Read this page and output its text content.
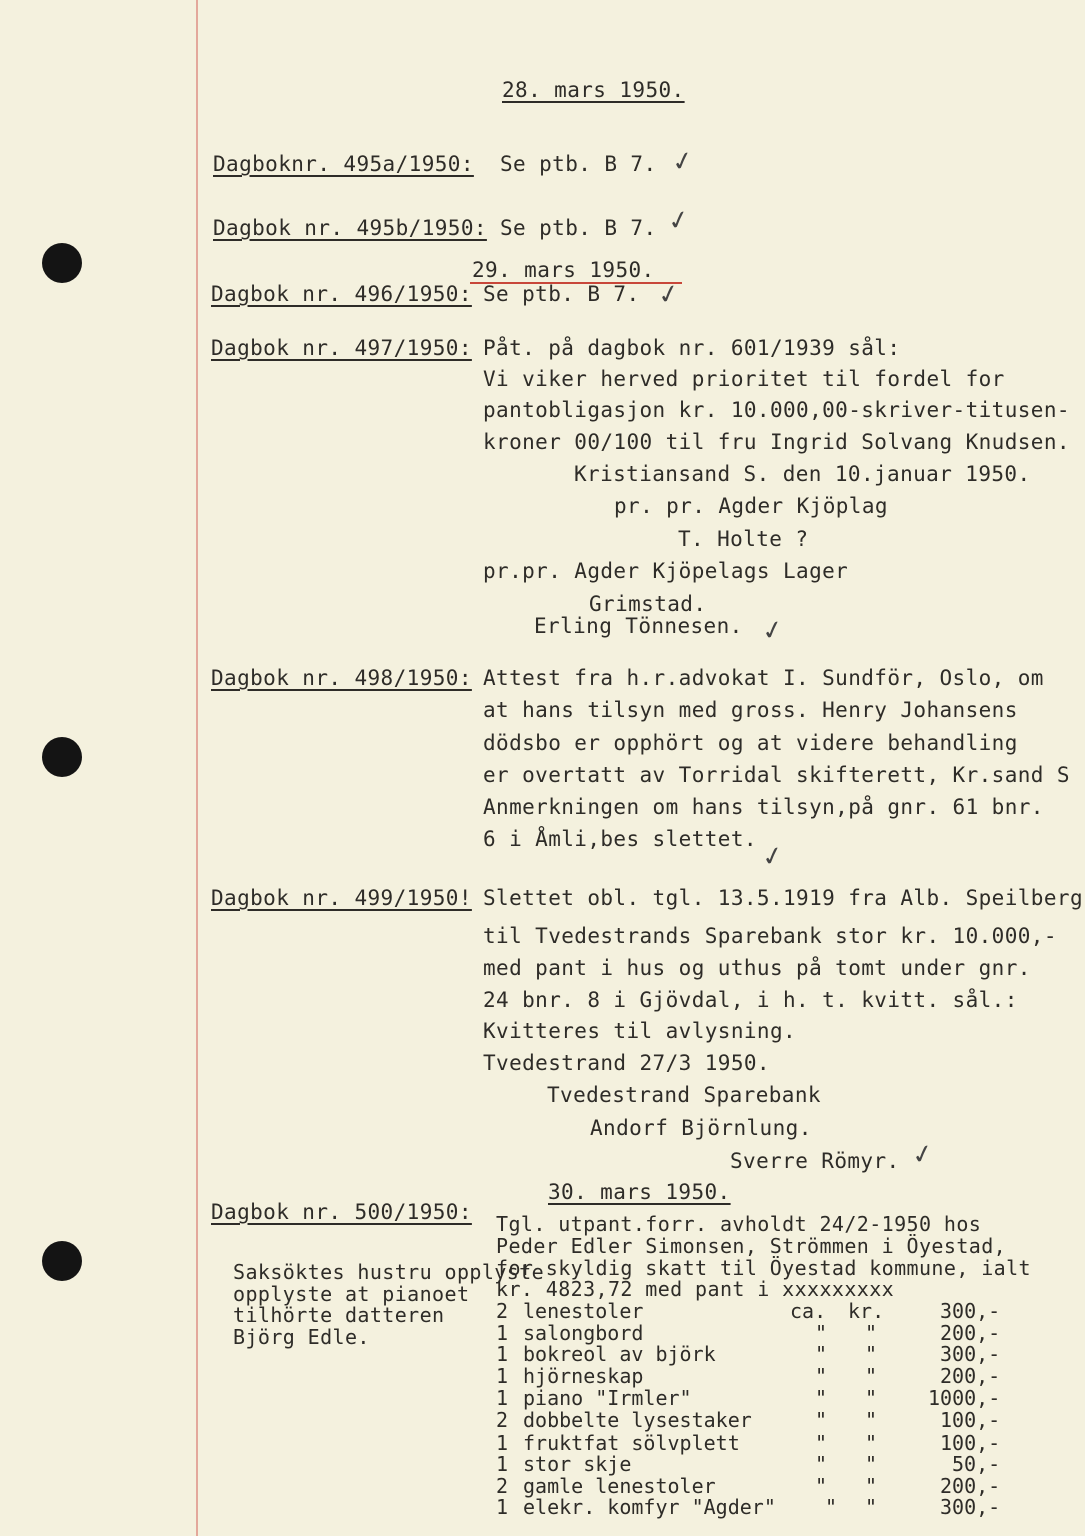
28. mars 1950.
Dagboknr. 495a/1950: Se ptb. B 7. ✓
Dagbok nr. 495b/1950: Se ptb. B 7. ✓
29. mars 1950.
Dagbok nr. 496/1950: Se ptb. B 7. ✓
Dagbok nr. 497/1950: Påt. på dagbok nr. 601/1939 sål:
Vi viker herved prioritet til fordel for
pantobligasjon kr. 10.000,00-skriver-titusen-
kroner 00/100 til fru Ingrid Solvang Knudsen.
Kristiansand S. den 10.januar 1950.
pr. pr. Agder Kjöplag
T. Holte ?
pr.pr. Agder Kjöpelags Lager
Grimstad.
Erling Tönnesen. ✓
Dagbok nr. 498/1950: Attest fra h.r.advokat I. Sundför, Oslo, om
at hans tilsyn med gross. Henry Johansens
dödsbo er opphört og at videre behandling
er overtatt av Torridal skifterett, Kr.sand S
Anmerkningen om hans tilsyn,på gnr. 61 bnr.
6 i Åmli,bes slettet.
✓
Dagbok nr. 499/1950! Slettet obl. tgl. 13.5.1919 fra Alb. Speilberg
til Tvedestrands Sparebank stor kr. 10.000,-
med pant i hus og uthus på tomt under gnr.
24 bnr. 8 i Gjövdal, i h. t. kvitt. sål.:
Kvitteres til avlysning.
Tvedestrand 27/3 1950.
Tvedestrand Sparebank
Andorf Björnlung.
Sverre Römyr. ✓
30. mars 1950.
Dagbok nr. 500/1950: Tgl. utpant.forr. avholdt 24/2-1950 hos
Peder Edler Simonsen, Strömmen i Öyestad,
for skyldig skatt til Öyestad kommune, ialt
kr. 4823,72 med pant i xxxxxxxxx
Saksöktes hustru opplyste
opplyste at pianoet
tilhörte datteren
Björg Edle.
2 lenestoler	ca. kr.	300,-
1 salongbord	" "	200,-
1 bokreol av björk	" "	300,-
1 hjörneskap	" "	200,-
1 piano "Irmler"	" "	1000,-
2 dobbelte lysestaker	" "	100,-
1 fruktfat sölvplett	" "	100,-
1 stor skje	" "	50,-
2 gamle lenestoler	" "	200,-
1 elekr. komfyr "Agder" " "	300,-
